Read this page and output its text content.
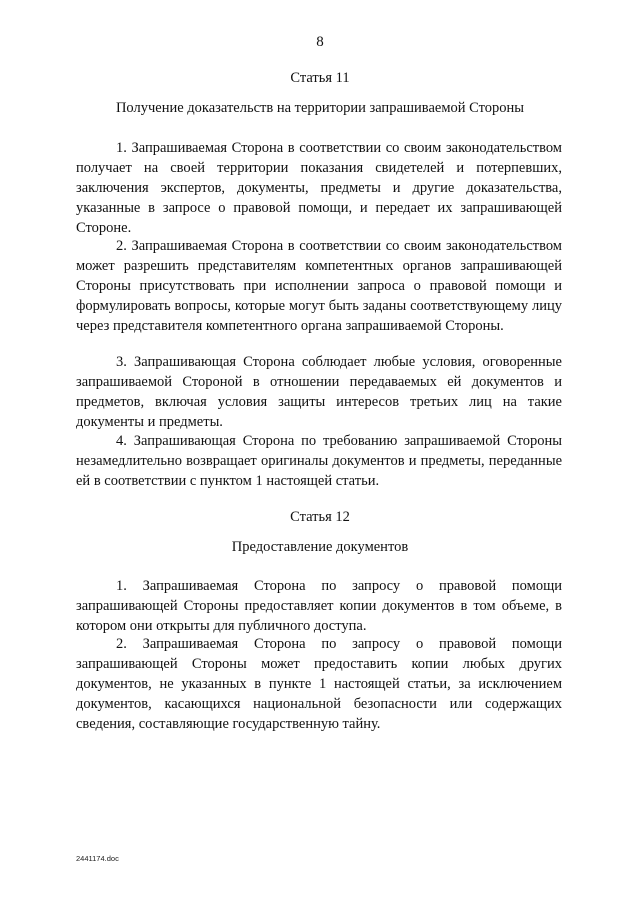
8
Статья 11
Получение доказательств на территории запрашиваемой Стороны

1. Запрашиваемая Сторона в соответствии со своим законодательством получает на своей территории показания свидетелей и потерпевших, заключения экспертов, документы, предметы и другие доказательства, указанные в запросе о правовой помощи, и передает их запрашивающей Стороне.

2. Запрашиваемая Сторона в соответствии со своим законодательством может разрешить представителям компетентных органов запрашивающей Стороны присутствовать при исполнении запроса о правовой помощи и формулировать вопросы, которые могут быть заданы соответствующему лицу через представителя компетентного органа запрашиваемой Стороны.

3. Запрашивающая Сторона соблюдает любые условия, оговоренные запрашиваемой Стороной в отношении передаваемых ей документов и предметов, включая условия защиты интересов третьих лиц на такие документы и предметы.

4. Запрашивающая Сторона по требованию запрашиваемой Стороны незамедлительно возвращает оригиналы документов и предметы, переданные ей в соответствии с пунктом 1 настоящей статьи.

Статья 12
Предоставление документов

1. Запрашиваемая Сторона по запросу о правовой помощи запрашивающей Стороны предоставляет копии документов в том объеме, в котором они открыты для публичного доступа.

2. Запрашиваемая Сторона по запросу о правовой помощи запрашивающей Стороны может предоставить копии любых других документов, не указанных в пункте 1 настоящей статьи, за исключением документов, касающихся национальной безопасности или содержащих сведения, составляющие государственную тайну.

2441174.doc
